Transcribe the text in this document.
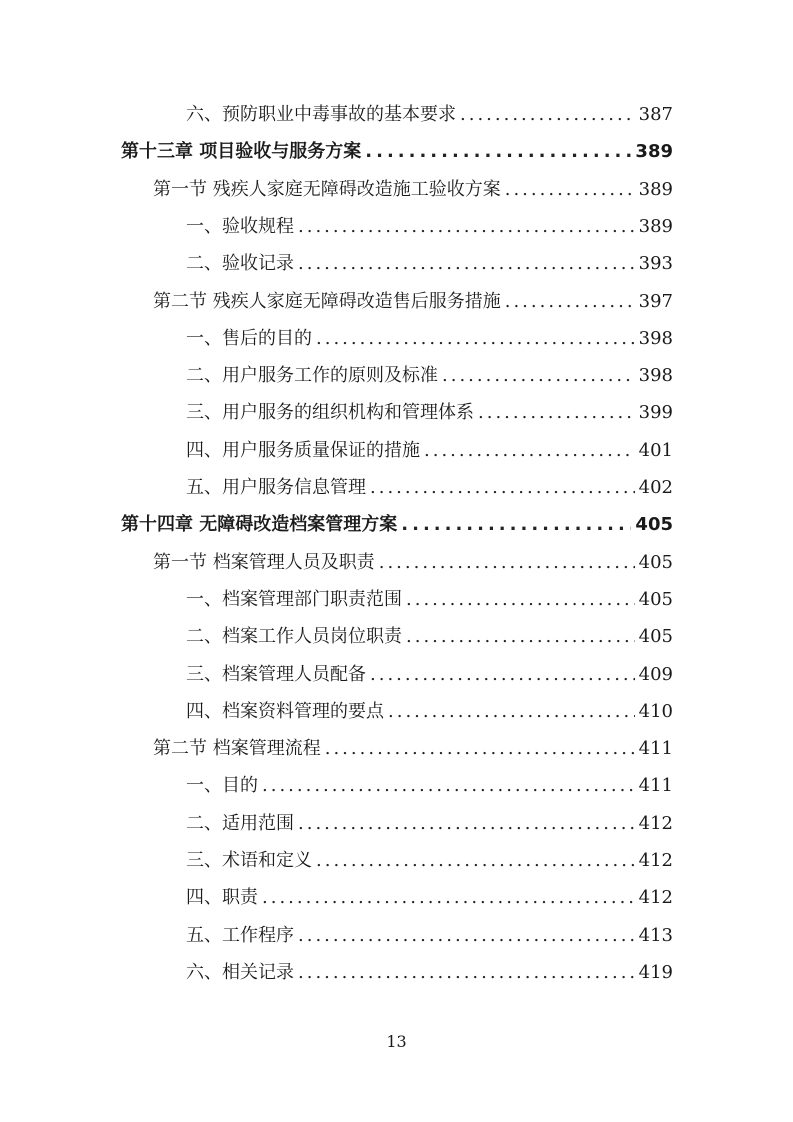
六、预防职业中毒事故的基本要求 .....	387
第十三章 项目验收与服务方案 .....	389
第一节 残疾人家庭无障碍改造施工验收方案 .....	389
一、验收规程 .....	389
二、验收记录 .....	393
第二节 残疾人家庭无障碍改造售后服务措施 .....	397
一、售后的目的 .....	398
二、用户服务工作的原则及标准 .....	398
三、用户服务的组织机构和管理体系 .....	399
四、用户服务质量保证的措施 .....	401
五、用户服务信息管理 .....	402
第十四章 无障碍改造档案管理方案 .....	405
第一节 档案管理人员及职责 .....	405
一、档案管理部门职责范围 .....	405
二、档案工作人员岗位职责 .....	405
三、档案管理人员配备 .....	409
四、档案资料管理的要点 .....	410
第二节 档案管理流程 .....	411
一、目的 .....	411
二、适用范围 .....	412
三、术语和定义 .....	412
四、职责 .....	412
五、工作程序 .....	413
六、相关记录 .....	419
13
